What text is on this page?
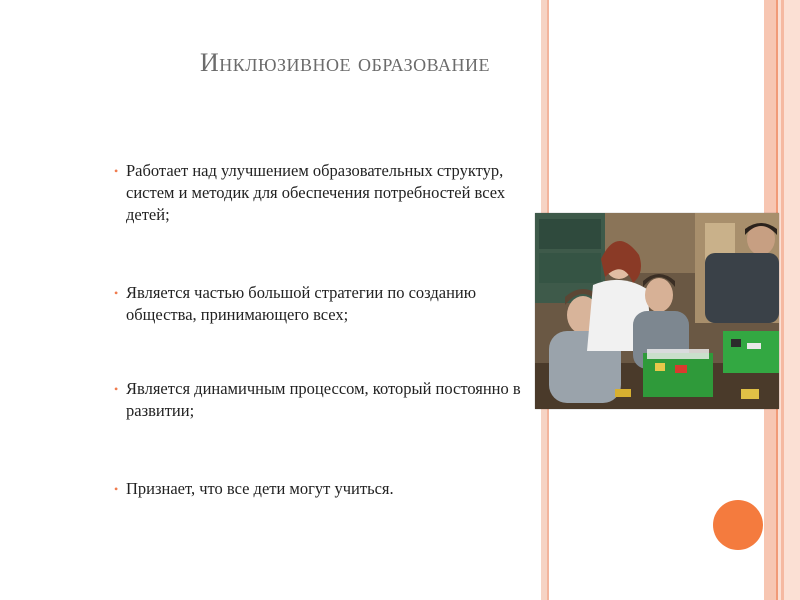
Инклюзивное образование
• Работает над улучшением образовательных структур, систем и методик для обеспечения потребностей всех детей;
• Является частью большой стратегии по созданию общества, принимающего всех;
• Является динамичным процессом, который постоянно в развитии;
• Признает, что все дети могут учиться.
